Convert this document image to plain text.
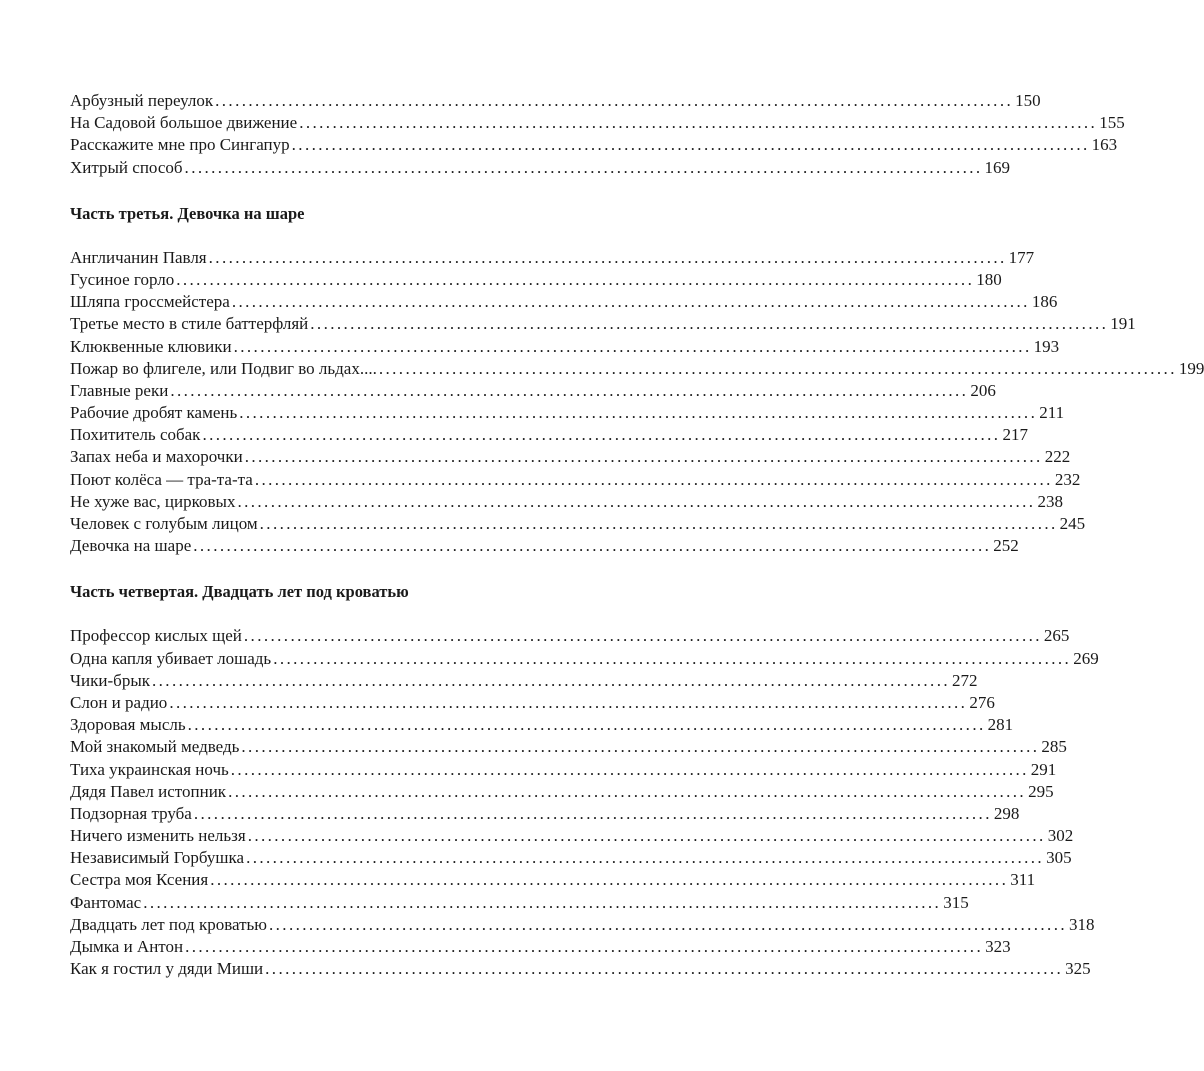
Арбузный переулок ........................................................................................................................ 150
На Садовой большое движение ........................................................................................................................ 155
Расскажите мне про Сингапур ........................................................................................................................ 163
Хитрый способ ........................................................................................................................ 169
Часть третья. Девочка на шаре
Англичанин Павля ........................................................................................................................ 177
Гусиное горло ........................................................................................................................ 180
Шляпа гроссмейстера ........................................................................................................................ 186
Третье место в стиле баттерфляй ........................................................................................................................ 191
Клюквенные клювики ........................................................................................................................ 193
Пожар во флигеле, или Подвиг во льдах.... ........................................................................................................................ 199
Главные реки ........................................................................................................................ 206
Рабочие дробят камень ........................................................................................................................ 211
Похититель собак ........................................................................................................................ 217
Запах неба и махорочки ........................................................................................................................ 222
Поют колёса — тра-та-та ........................................................................................................................ 232
Не хуже вас, цирковых ........................................................................................................................ 238
Человек с голубым лицом ........................................................................................................................ 245
Девочка на шаре ........................................................................................................................ 252
Часть четвертая. Двадцать лет под кроватью
Профессор кислых щей ........................................................................................................................ 265
Одна капля убивает лошадь ........................................................................................................................ 269
Чики-брык ........................................................................................................................ 272
Слон и радио ........................................................................................................................ 276
Здоровая мысль ........................................................................................................................ 281
Мой знакомый медведь ........................................................................................................................ 285
Тиха украинская ночь ........................................................................................................................ 291
Дядя Павел истопник ........................................................................................................................ 295
Подзорная труба ........................................................................................................................ 298
Ничего изменить нельзя ........................................................................................................................ 302
Независимый Горбушка ........................................................................................................................ 305
Сестра моя Ксения ........................................................................................................................ 311
Фантомас ........................................................................................................................ 315
Двадцать лет под кроватью ........................................................................................................................ 318
Дымка и Антон ........................................................................................................................ 323
Как я гостил у дяди Миши ........................................................................................................................ 325
